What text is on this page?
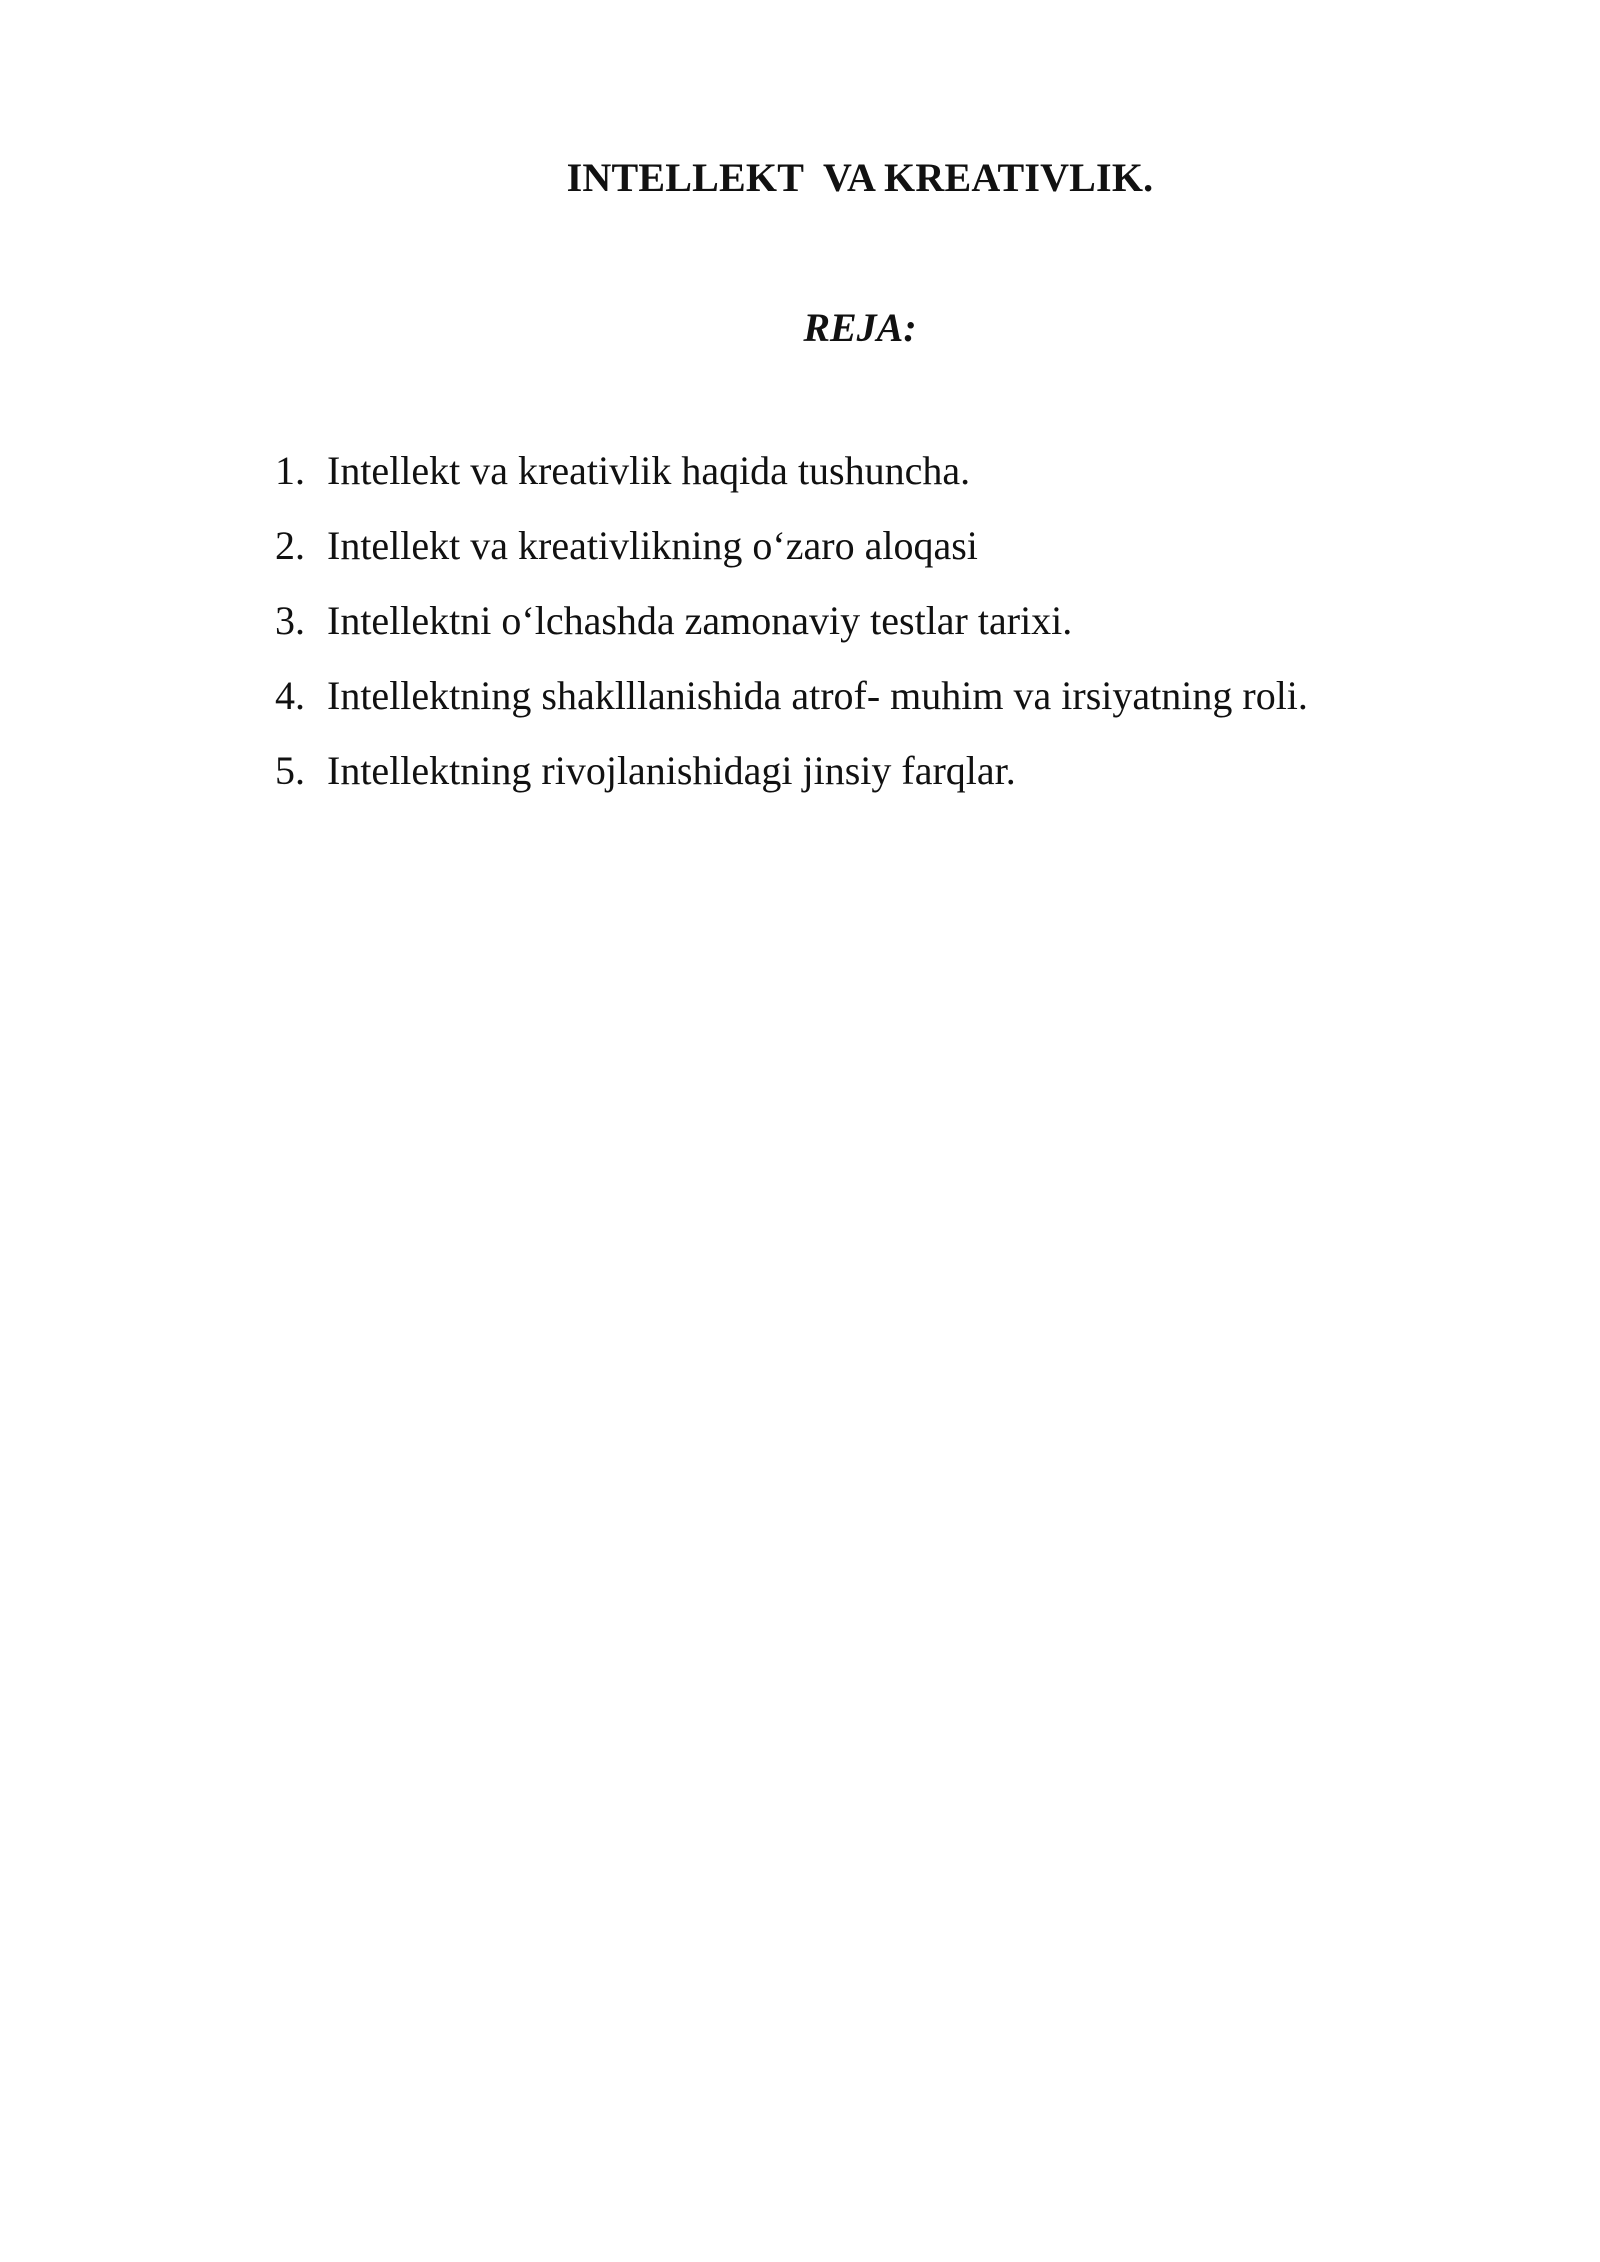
INTELLEKT  VA KREATIVLIK.
REJA:
1. Intellekt va kreativlik haqida tushuncha.
2. Intellekt va kreativlikning o‘zaro aloqasi
3. Intellektni o‘lchashda zamonaviy testlar tarixi.
4. Intellektning shaklllanishida atrof- muhim va irsiyatning roli.
5. Intellektning rivojlanishidagi jinsiy farqlar.
